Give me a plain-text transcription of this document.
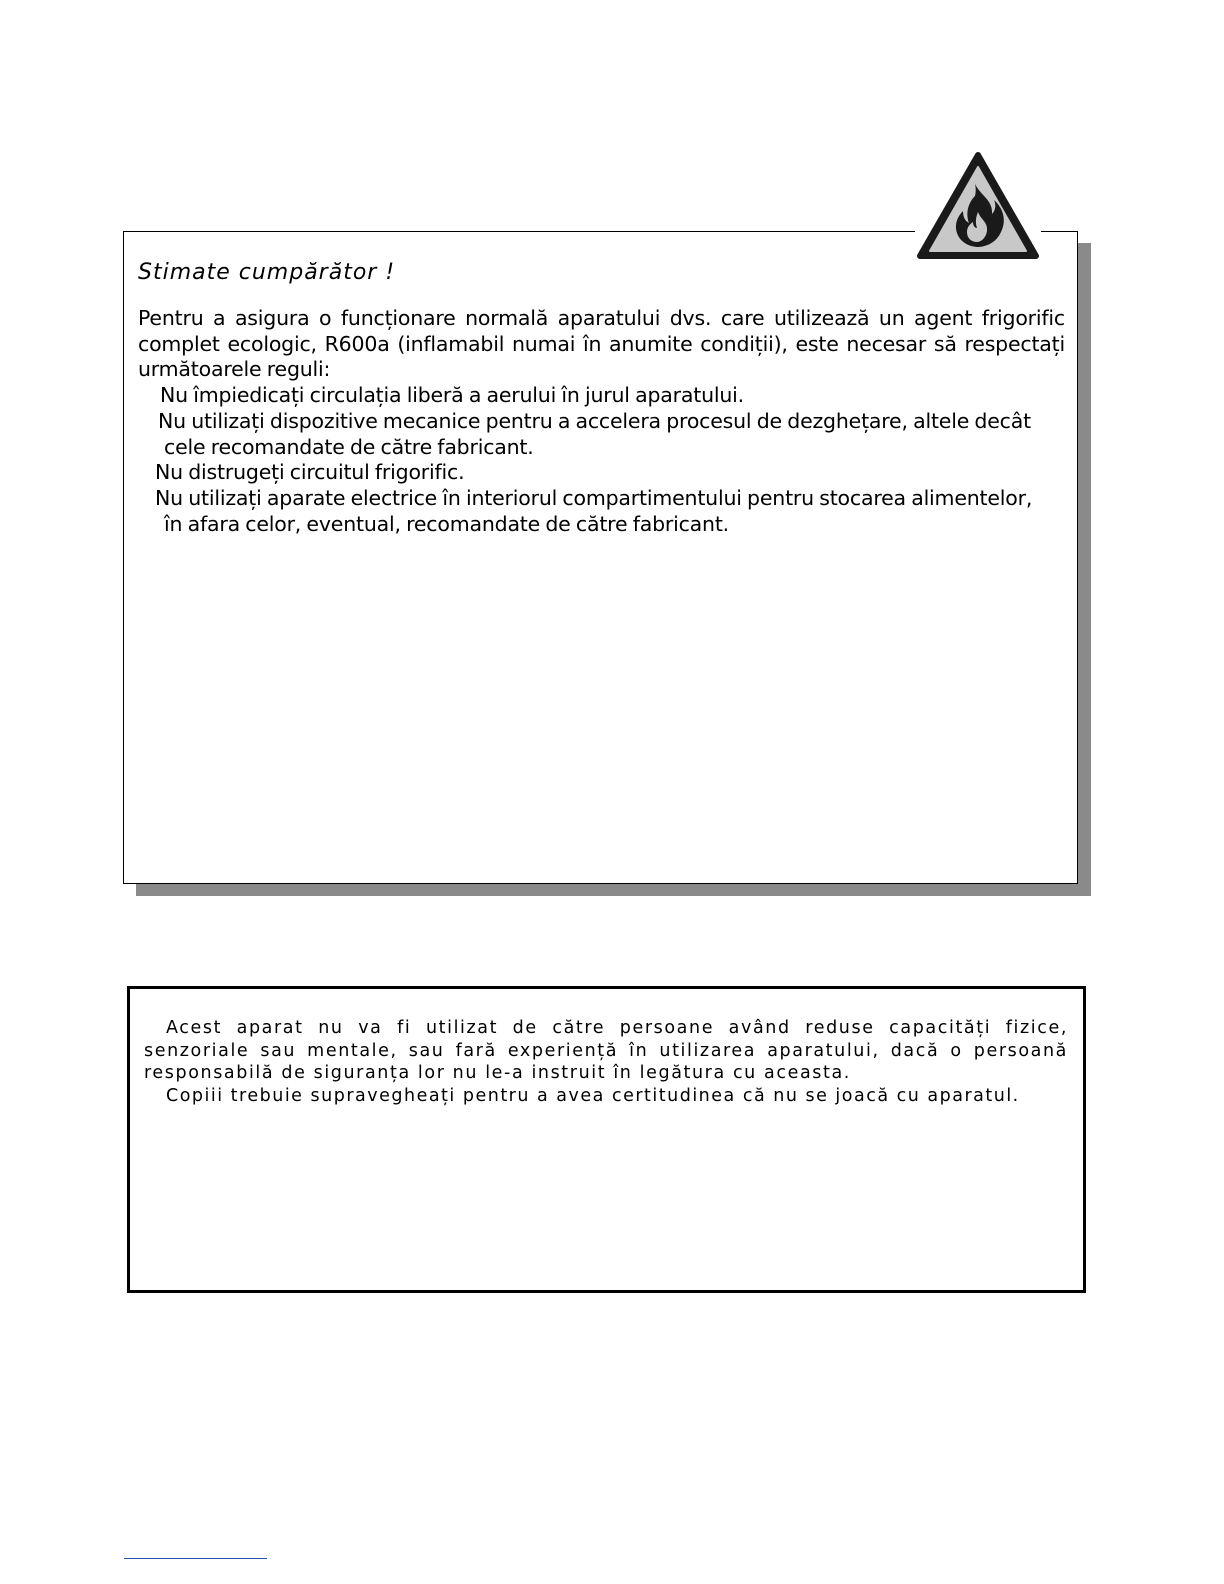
Stimate cumpărător !
Pentru a asigura o funcționare normală aparatului dvs. care utilizează un agent frigorific complet ecologic, R600a (inflamabil numai în anumite condiții), este necesar să respectați următoarele reguli:
Nu împiedicați circulația liberă a aerului în jurul aparatului.
Nu utilizați dispozitive mecanice pentru a accelera procesul de dezghețare, altele decât
cele recomandate de către fabricant.
Nu distrugeți circuitul frigorific.
Nu utilizați aparate electrice în interiorul compartimentului pentru stocarea alimentelor,
în afara celor, eventual, recomandate de către fabricant.

Acest aparat nu va fi utilizat de către persoane având reduse capacități fizice, senzoriale sau mentale, sau fară experiență în utilizarea aparatului, dacă o persoană responsabilă de siguranța lor nu le-a instruit în legătura cu aceasta.

Copiii trebuie supravegheați pentru a avea certitudinea că nu se joacă cu aparatul.
